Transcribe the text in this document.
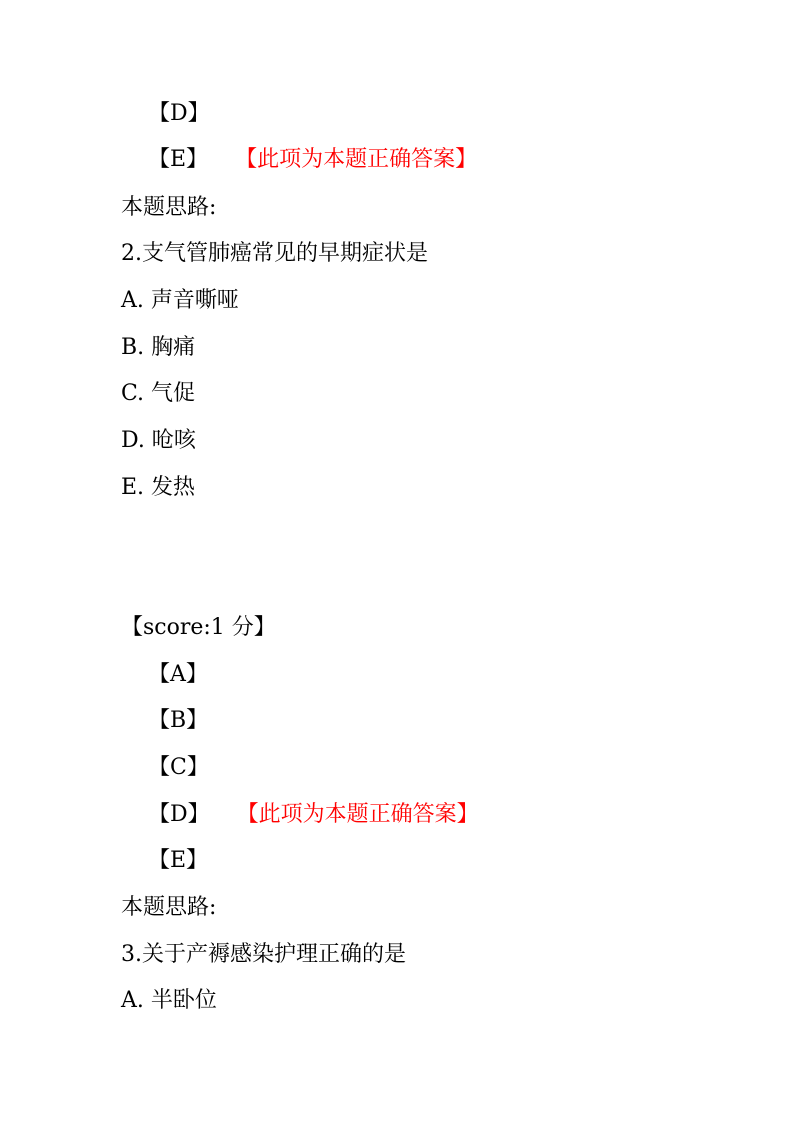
【D】
【E】 【此项为本题正确答案】
本题思路:
2.支气管肺癌常见的早期症状是
A. 声音嘶哑
B. 胸痛
C. 气促
D. 呛咳
E. 发热
【score:1 分】
【A】
【B】
【C】
【D】 【此项为本题正确答案】
【E】
本题思路:
3.关于产褥感染护理正确的是
A. 半卧位
